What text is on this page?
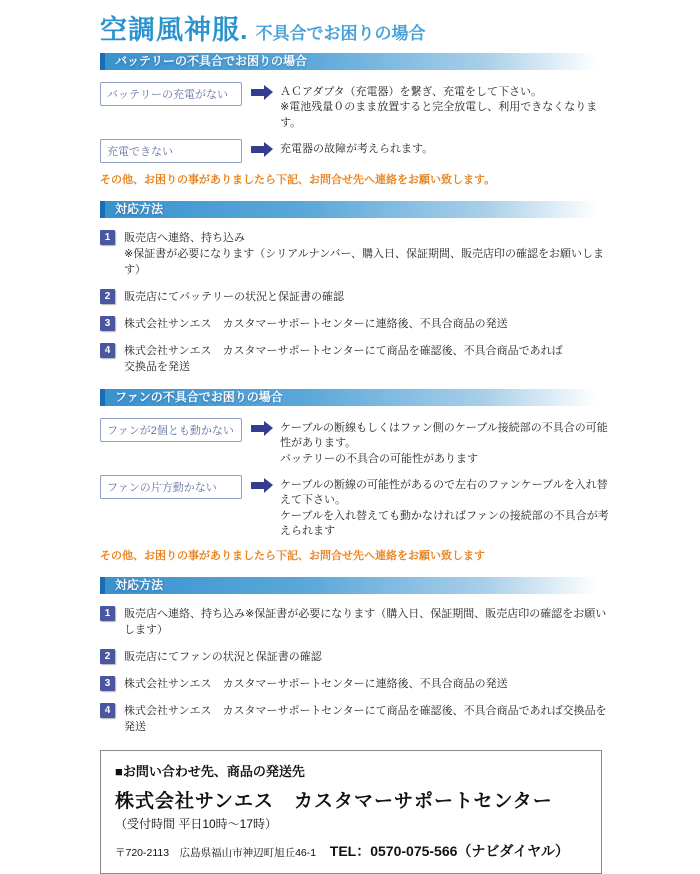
空調風神服. 不具合でお困りの場合
バッテリーの不具合でお困りの場合
バッテリーの充電がない	ＡＣアダプタ（充電器）を繋ぎ、充電をして下さい。
※電池残量０のまま放置すると完全放電し、利用できなくなります。
充電できない	充電器の故障が考えられます。
その他、お困りの事がありましたら下記、お問合せ先へ連絡をお願い致します。
対応方法
1	販売店へ連絡、持ち込み
※保証書が必要になります（シリアルナンバー、購入日、保証期間、販売店印の確認をお願いします）
2	販売店にてバッテリーの状況と保証書の確認
3	株式会社サンエス　カスタマーサポートセンターに連絡後、不具合商品の発送
4	株式会社サンエス　カスタマーサポートセンターにて商品を確認後、不具合商品であれば
交換品を発送
ファンの不具合でお困りの場合
ファンが2個とも動かない	ケーブルの断線もしくはファン側のケーブル接続部の不具合の可能性があります。
バッテリーの不具合の可能性があります
ファンの片方動かない	ケーブルの断線の可能性があるので左右のファンケーブルを入れ替えて下さい。
ケーブルを入れ替えても動かなければファンの接続部の不具合が考えられます
その他、お困りの事がありましたら下記、お問合せ先へ連絡をお願い致します
対応方法
1	販売店へ連絡、持ち込み※保証書が必要になります（購入日、保証期間、販売店印の確認をお願いします）
2	販売店にてファンの状況と保証書の確認
3	株式会社サンエス　カスタマーサポートセンターに連絡後、不具合商品の発送
4	株式会社サンエス　カスタマーサポートセンターにて商品を確認後、不具合商品であれば交換品を発送
■お問い合わせ先、商品の発送先
株式会社サンエス　カスタマーサポートセンター
（受付時間 平日10時～17時）
〒720-2113　広島県福山市神辺町旭丘46-1 TEL：0570-075-566（ナビダイヤル）
